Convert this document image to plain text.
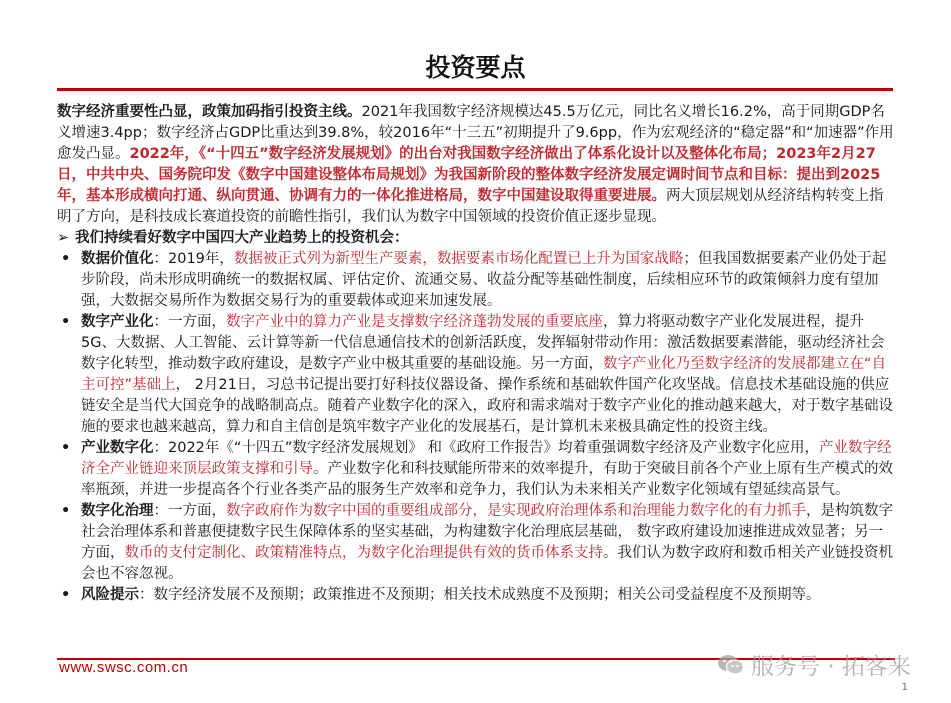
投资要点

数字经济重要性凸显，政策加码指引投资主线。2021年我国数字经济规模达45.5万亿元，同比名义增长16.2%，高于同期GDP名义增速3.4pp；数字经济占GDP比重达到39.8%，较2016年“十三五”初期提升了9.6pp，作为宏观经济的“稳定器”和“加速器”作用愈发凸显。2022年，《“十四五”数字经济发展规划》的出台对我国数字经济做出了体系化设计以及整体化布局；2023年2月27日，中共中央、国务院印发《数字中国建设整体布局规划》为我国新阶段的整体数字经济发展定调时间节点和目标：提出到2025年，基本形成横向打通、纵向贯通、协调有力的一体化推进格局，数字中国建设取得重要进展。两大顶层规划从经济结构转变上指明了方向，是科技成长赛道投资的前瞻性指引，我们认为数字中国领域的投资价值正逐步显现。

➢ 我们持续看好数字中国四大产业趋势上的投资机会：

• 数据价值化：2019年，数据被正式列为新型生产要素，数据要素市场化配置已上升为国家战略；但我国数据要素产业仍处于起步阶段，尚未形成明确统一的数据权属、评估定价、流通交易、收益分配等基础性制度，后续相应环节的政策倾斜力度有望加强，大数据交易所作为数据交易行为的重要载体或迎来加速发展。

• 数字产业化：一方面，数字产业中的算力产业是支撑数字经济蓬勃发展的重要底座，算力将驱动数字产业化发展进程，提升5G、大数据、人工智能、云计算等新一代信息通信技术的创新活跃度，发挥辐射带动作用：激活数据要素潜能，驱动经济社会数字化转型，推动数字政府建设，是数字产业中极其重要的基础设施。另一方面，数字产业化乃至数字经济的发展都建立在“自主可控”基础上， 2月21日，习总书记提出要打好科技仪器设备、操作系统和基础软件国产化攻坚战。信息技术基础设施的供应链安全是当代大国竞争的战略制高点。随着产业数字化的深入，政府和需求端对于数字产业化的推动越来越大，对于数字基础设施的要求也越来越高，算力和自主信创是筑牢数字产业化的发展基石，是计算机未来极具确定性的投资主线。

• 产业数字化：2022年《“十四五”数字经济发展规划》 和《政府工作报告》均着重强调数字经济及产业数字化应用，产业数字经济全产业链迎来顶层政策支撑和引导。产业数字化和科技赋能所带来的效率提升，有助于突破目前各个产业上原有生产模式的效率瓶颈，并进一步提高各个行业各类产品的服务生产效率和竞争力，我们认为未来相关产业数字化领域有望延续高景气。

• 数字化治理：一方面，数字政府作为数字中国的重要组成部分，是实现政府治理体系和治理能力数字化的有力抓手，是构筑数字社会治理体系和普惠便捷数字民生保障体系的坚实基础，为构建数字化治理底层基础， 数字政府建设加速推进成效显著；另一方面，数币的支付定制化、政策精准特点，为数字化治理提供有效的货币体系支持。我们认为数字政府和数币相关产业链投资机会也不容忽视。

• 风险提示：数字经济发展不及预期；政策推进不及预期；相关技术成熟度不及预期；相关公司受益程度不及预期等。

www.swsc.com.cn	服务号 · 拓客来
1
